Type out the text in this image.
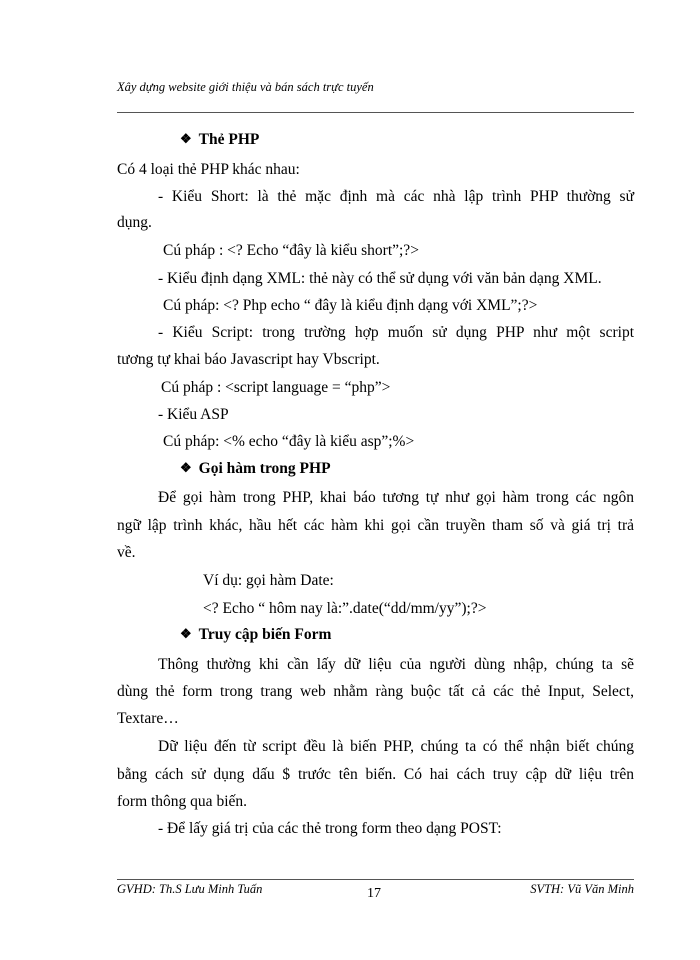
Xây dựng website giới thiệu và bán sách trực tuyến
❖ Thẻ PHP
Có 4 loại thẻ PHP khác nhau:
- Kiểu Short: là thẻ mặc định mà các nhà lập trình PHP thường sử
dụng.
Cú pháp : <? Echo “đây là kiểu short”;?>
- Kiểu định dạng XML: thẻ này có thể sử dụng với văn bản dạng XML.
Cú pháp: <? Php echo “ đây là kiểu định dạng với XML”;?>
- Kiểu Script: trong trường hợp muốn sử dụng PHP như một script
tương tự khai báo Javascript hay Vbscript.
Cú pháp : <script language = “php”>
- Kiểu ASP
Cú pháp: <% echo “đây là kiểu asp”;%>
❖ Gọi hàm trong PHP
Để gọi hàm trong PHP, khai báo tương tự như gọi hàm trong các ngôn
ngữ lập trình khác, hầu hết các hàm khi gọi cần truyền tham số và giá trị trả
về.
Ví dụ: gọi hàm Date:
<? Echo “ hôm nay là:”.date(“dd/mm/yy”);?>
❖ Truy cập biến Form
Thông thường khi cần lấy dữ liệu của người dùng nhập, chúng ta sẽ
dùng thẻ form trong trang web nhằm ràng buộc tất cả các thẻ Input, Select,
Textare…
Dữ liệu đến từ script đều là biến PHP, chúng ta có thể nhận biết chúng
bằng cách sử dụng dấu $ trước tên biến. Có hai cách truy cập dữ liệu trên
form thông qua biến.
- Để lấy giá trị của các thẻ trong form theo dạng POST:
GVHD: Th.S Lưu Minh Tuấn	17	SVTH: Vũ Văn Minh
